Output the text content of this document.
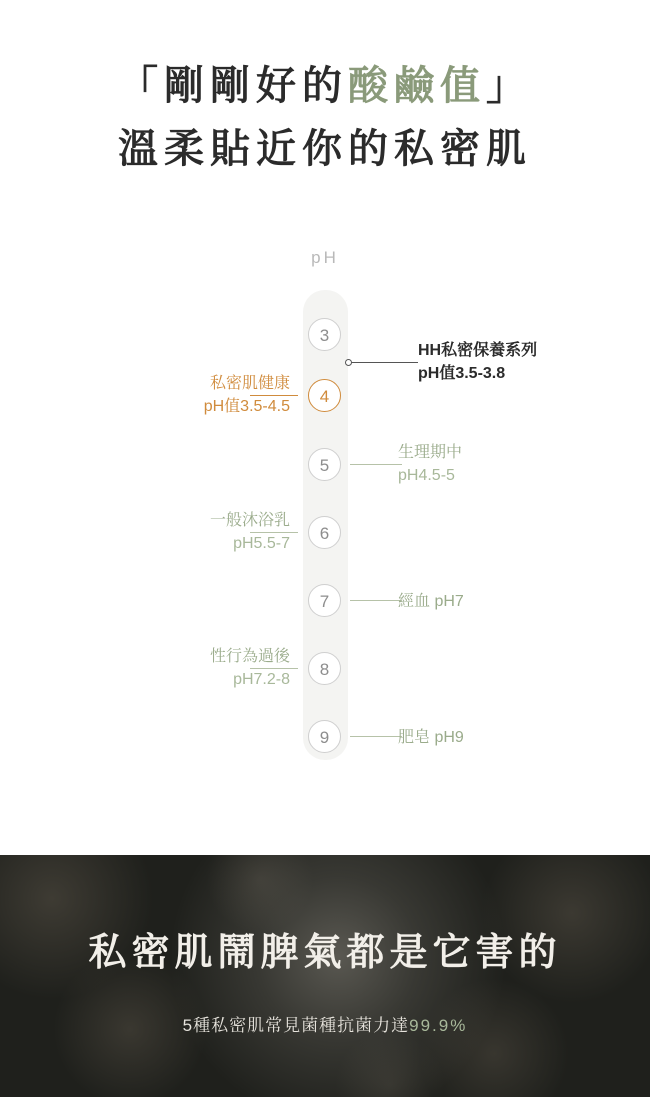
「剛剛好的酸鹼值」
溫柔貼近你的私密肌
pH
3
HH私密保養系列
pH值3.5-3.8
4
私密肌健康
pH值3.5-4.5
5
生理期中
pH4.5-5
6
一般沐浴乳
pH5.5-7
7	經血 pH7
8
性行為過後
pH7.2-8
9	肥皂 pH9
私密肌鬧脾氣都是它害的
5種私密肌常見菌種抗菌力達99.9%
